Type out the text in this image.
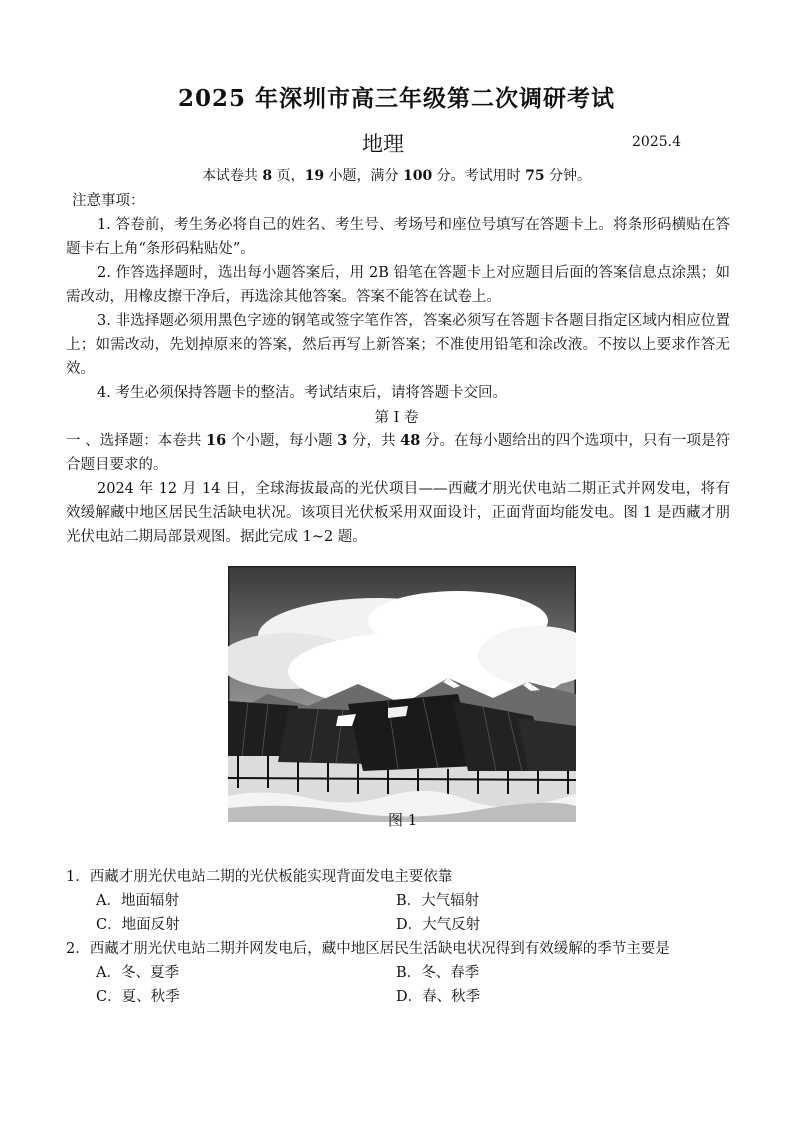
2025 年深圳市高三年级第二次调研考试
地理	2025.4
本试卷共 8 页，19 小题，满分 100 分。考试用时 75 分钟。
注意事项：
1. 答卷前，考生务必将自己的姓名、考生号、考场号和座位号填写在答题卡上。将条形码横贴在答题卡右上角“条形码粘贴处”。
2. 作答选择题时，选出每小题答案后，用 2B 铅笔在答题卡上对应题目后面的答案信息点涂黑；如需改动，用橡皮擦干净后，再选涂其他答案。答案不能答在试卷上。
3. 非选择题必须用黑色字迹的钢笔或签字笔作答，答案必须写在答题卡各题目指定区域内相应位置上；如需改动，先划掉原来的答案，然后再写上新答案；不准使用铅笔和涂改液。不按以上要求作答无效。
4. 考生必须保持答题卡的整洁。考试结束后，请将答题卡交回。
第 I 卷
一 、选择题：本卷共 16 个小题，每小题 3 分，共 48 分。在每小题给出的四个选项中，只有一项是符合题目要求的。
2024 年 12 月 14 日，全球海拔最高的光伏项目——西藏才朋光伏电站二期正式并网发电，将有效缓解藏中地区居民生活缺电状况。该项目光伏板采用双面设计，正面背面均能发电。图 1 是西藏才朋光伏电站二期局部景观图。据此完成 1~2 题。
图 1
1．西藏才朋光伏电站二期的光伏板能实现背面发电主要依靠
A．地面辐射	B．大气辐射
C．地面反射	D．大气反射
2．西藏才朋光伏电站二期并网发电后，藏中地区居民生活缺电状况得到有效缓解的季节主要是
A．冬、夏季	B．冬、春季
C．夏、秋季	D．春、秋季
